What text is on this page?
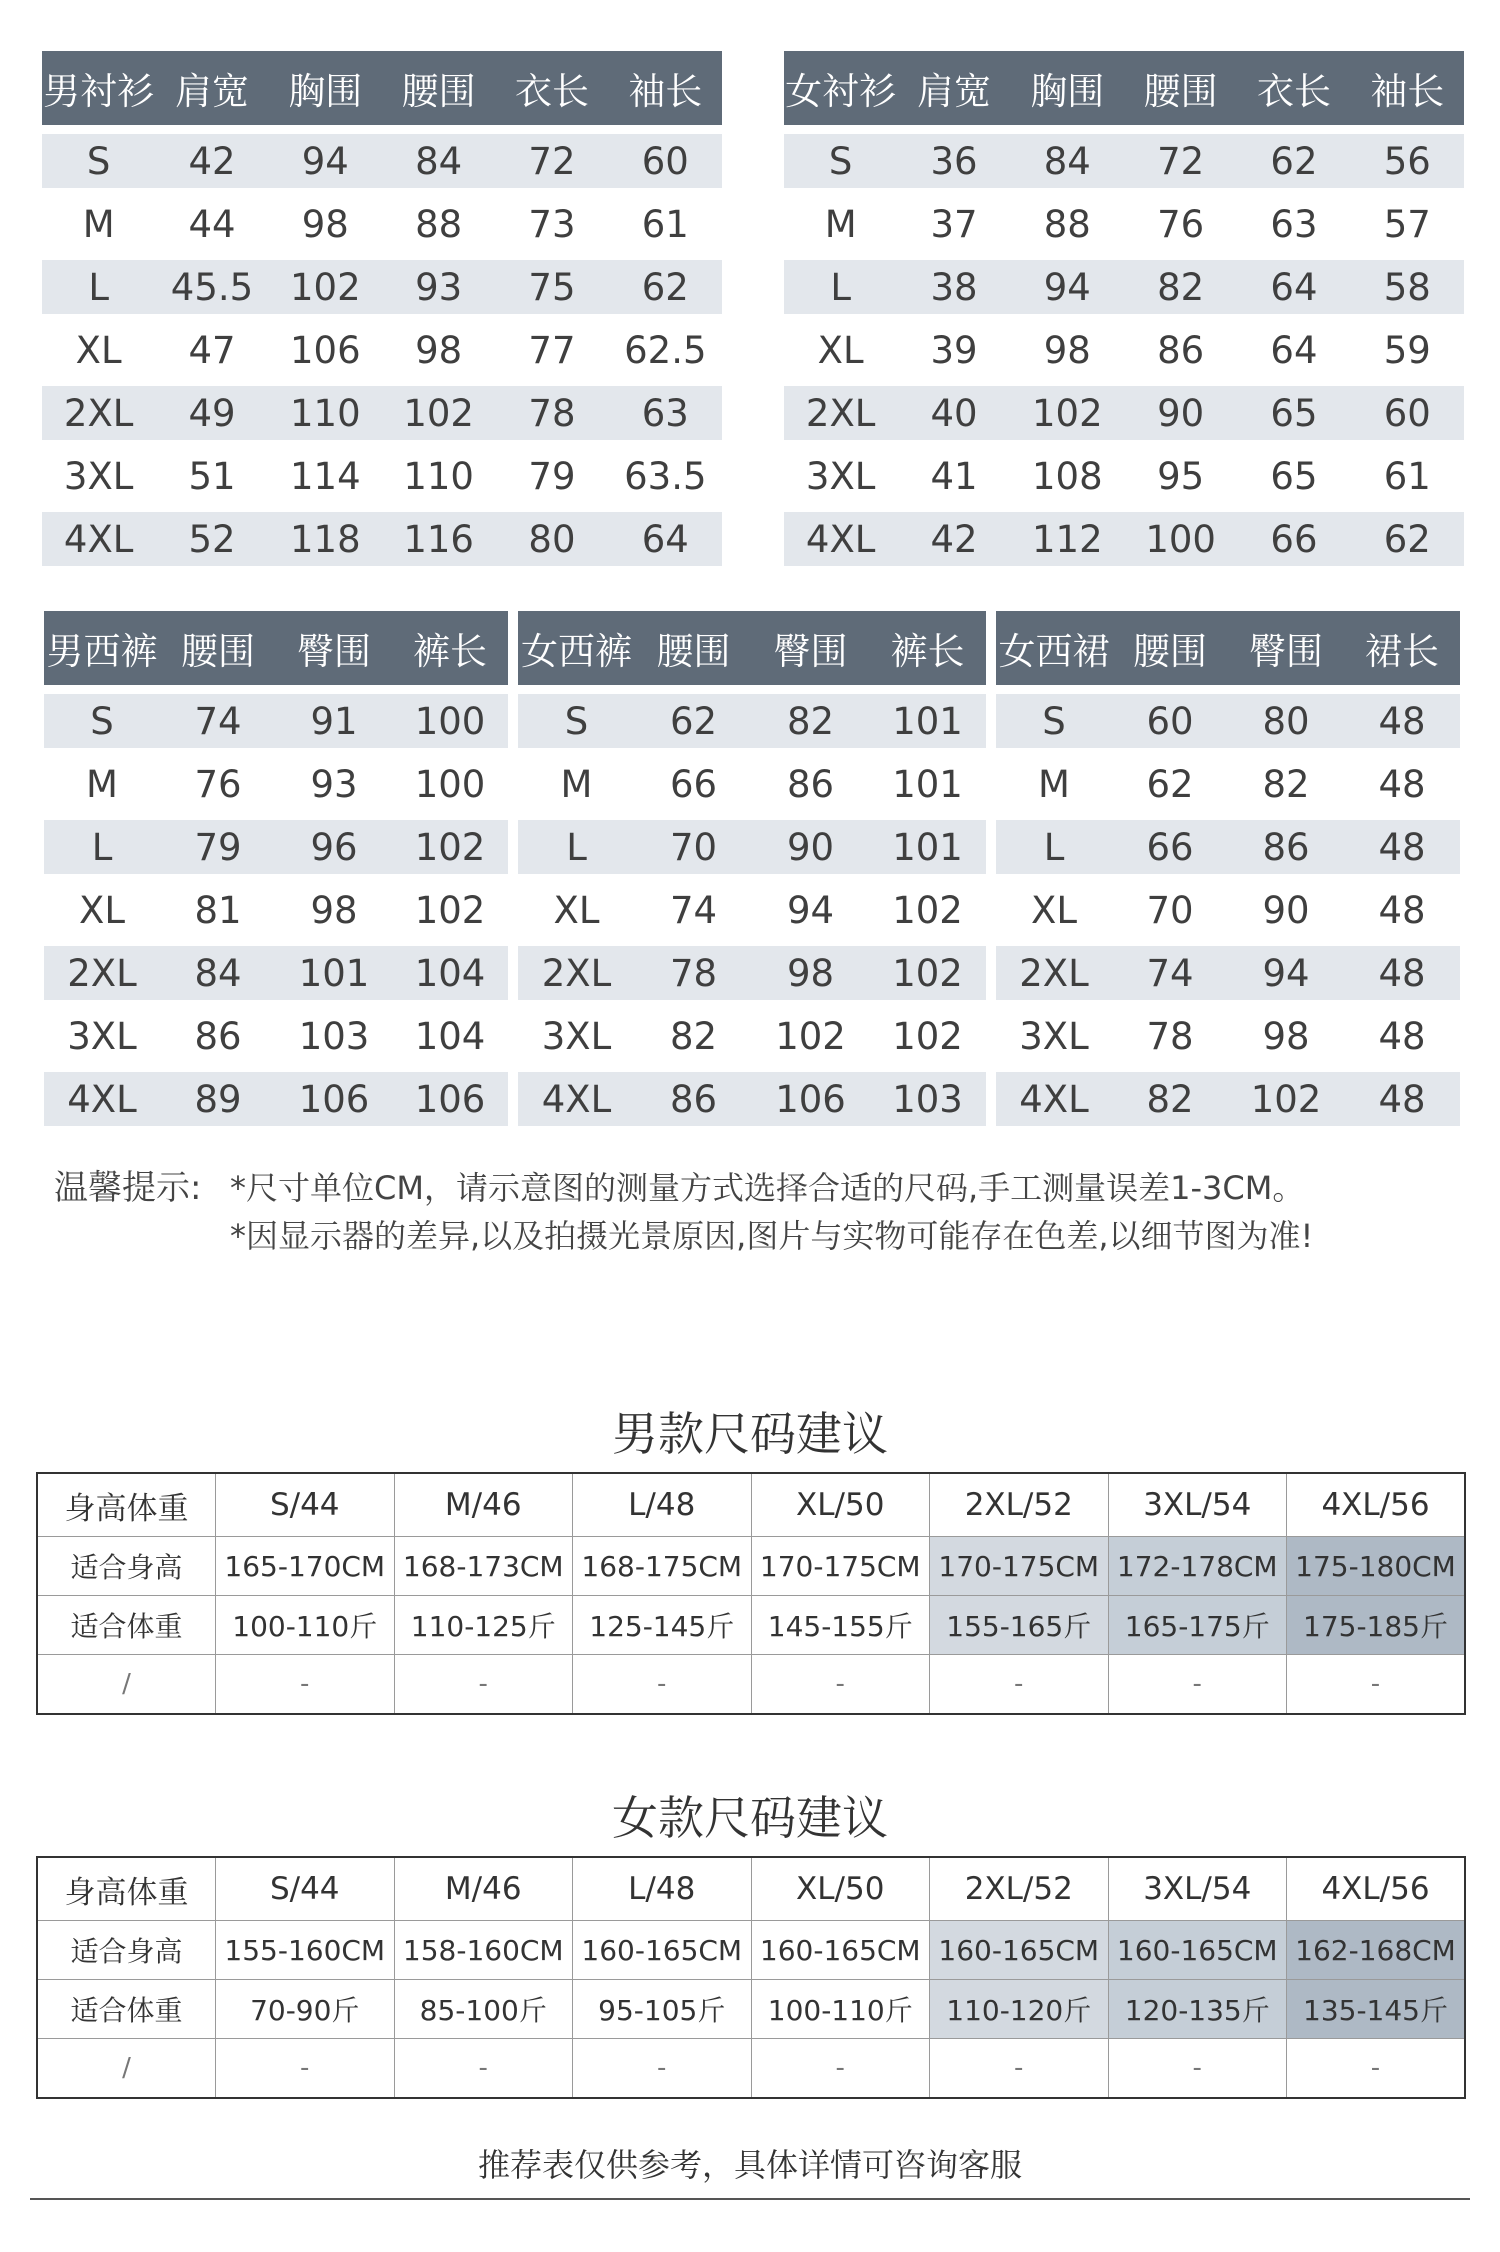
男衬衫	肩宽	胸围	腰围	衣长	袖长
S	42	94	84	72	60
M	44	98	88	73	61
L	45.5	102	93	75	62
XL	47	106	98	77	62.5
2XL	49	110	102	78	63
3XL	51	114	110	79	63.5
4XL	52	118	116	80	64
女衬衫	肩宽	胸围	腰围	衣长	袖长
S	36	84	72	62	56
M	37	88	76	63	57
L	38	94	82	64	58
XL	39	98	86	64	59
2XL	40	102	90	65	60
3XL	41	108	95	65	61
4XL	42	112	100	66	62
男西裤	腰围	臀围	裤长
S	74	91	100
M	76	93	100
L	79	96	102
XL	81	98	102
2XL	84	101	104
3XL	86	103	104
4XL	89	106	106
女西裤	腰围	臀围	裤长
S	62	82	101
M	66	86	101
L	70	90	101
XL	74	94	102
2XL	78	98	102
3XL	82	102	102
4XL	86	106	103
女西裙	腰围	臀围	裙长
S	60	80	48
M	62	82	48
L	66	86	48
XL	70	90	48
2XL	74	94	48
3XL	78	98	48
4XL	82	102	48
温馨提示: *尺寸单位CM，请示意图的测量方式选择合适的尺码,手工测量误差1-3CM。
*因显示器的差异,以及拍摄光景原因,图片与实物可能存在色差,以细节图为准!
男款尺码建议
身高体重	S/44	M/46	L/48	XL/50	2XL/52	3XL/54	4XL/56
适合身高	165-170CM	168-173CM	168-175CM	170-175CM	170-175CM	172-178CM	175-180CM
适合体重	100-110斤	110-125斤	125-145斤	145-155斤	155-165斤	165-175斤	175-185斤
/	-	-	-	-	-	-	-
女款尺码建议
身高体重	S/44	M/46	L/48	XL/50	2XL/52	3XL/54	4XL/56
适合身高	155-160CM	158-160CM	160-165CM	160-165CM	160-165CM	160-165CM	162-168CM
适合体重	70-90斤	85-100斤	95-105斤	100-110斤	110-120斤	120-135斤	135-145斤
/	-	-	-	-	-	-	-
推荐表仅供参考，具体详情可咨询客服
